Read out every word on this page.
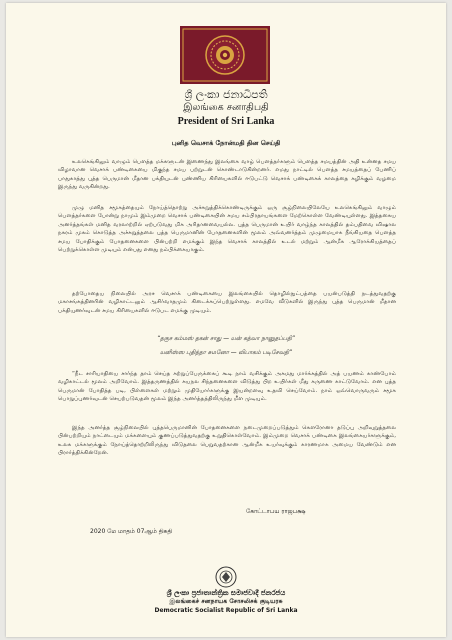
ශ්‍රී ලංකා ජනාධිපති
இலங்கை சனாதிபதி
President of Sri Lanka
புனித வெசாக் நோன்மதி தின செய்தி
உலகெங்கிலும் வாழும் பௌத்த மக்களுடன் இணைந்து இலங்கை வாழ் பௌத்தர்களும் பௌத்த சமயத்தின் அதி உன்னத சமய விழாவான வெசாக் பண்டிகையை மிகுந்த சமய பற்றுடன் கொண்டாடுகின்றனர். எமது நாட்டில் பௌத்த சமயத்தைப் பேணிப் பாதுகாத்து புத்த பெருமான் மீதான பக்தியுடன் புண்ணிய கிரியைகளில் ஈடுபட்டு வெசாக் பண்டிகைக் காலத்தை கழிக்கும் வழமை இருந்து வருகின்றது.
முழு மனித சமூகத்தையும் நோய்த்தொற்று அச்சுறுத்திக்கொண்டிருக்கும் ஒரு சூழ்நிலையிலேயே உலகெங்கிலும் வாழும் பௌத்தர்களை போன்று நாமும் இம்முறை வெசாக் பண்டிகையின் சமய சம்பிரதாயங்களை மேற்கொள்ள வேண்டியுள்ளது. இத்தகைய அனர்த்தங்கள் மனித வரலாற்றில் ஏற்படுவது மிக அரிதானவையல்ல. புத்த பெருமான் உயிர் வாழ்ந்த காலத்தில் தம்பதிவை விஷால நகரம் முகம் கொடுத்த அச்சுறுத்தலை புத்த பெருமானின் போதனைகளின் மூலம் அவ்வனர்த்தம் முழுமையாக நீங்கியதை பௌத்த சமய போதிக்கும் போதனைகளை பின்பற்றி எமக்கும் இந்த வெசாக் காலத்தில் உடல் மற்றும் ஆன்மீக ஆரோக்கியத்தைப் பெற்றுக்கொள்ள முடியும் என்பது எனது நம்பிக்கையாகும்.
தற்போதைய நிலையில் அரச வெசாக் பண்டிகையை இலங்கையில் தொழில்நுட்பத்தை பயன்படுத்தி நடத்துவதற்கு மகாசங்கத்தினரின் வழிகாட்டலும் ஆசிர்வாதமும் கிடைக்கப்பெற்றுள்ளது. எமவே வீடுகளில் இருந்து புத்த பெருமான் மீதான பக்தியுணர்வுடன் சமய கிரியைகளில் ஈடுபட எமக்கு முடியும்.
“தகுச கம்மஸ் தகன் சாது — யன் கத்வா நானுதப்பதி”
யனிஸ்ஸ புதித்தா சுமனோ — விபாகம் படிசேவதி”
“நீட சாரியாதியை சார்ந்த தாம் செய்த சுற்றுப்பேருக்கைப் கூடி நாம் வசிக்கும் அகமது மார்க்கத்தில் அத் பயணம் காண்போம் வழிகாட்டல் மூலம் அறிவோம். இத்தருணத்தில் சுயநல சிந்தனைகளை விடுத்து பிற உயிர்கள் மீது கருணை காட்டுவோம். என புத்த பெருமான் போதித்த படி, பிள்ளைகள் மற்றும் முதியோர்களுக்கு இயன்றளவு உதவி செய்வோம். நாம் ஒவ்வொருவரும் சமூக பொறுப்புணர்வுடன் செயற்படுவதன் மூலம் இந்த அனர்த்தத்திலிருந்து மீள முடியும்.
இந்த அனர்த்த சூழ்நிலையில் புத்தபெருமானின் போதனைகளை நடைமுறைப்படுத்தும் கௌரோனா தடுப்பு அறிவுறுத்தலை பின்பற்றியும் நாட்டையும் மக்களையும் குணப்படுத்துவதற்கு உறுதிகொள்வோம். இம்முறை வெசாக் பண்டிகை இலங்கையர்களுக்கும், உலக மக்களுக்கும் நோய்த்தொற்றிலிருந்து விடுதலை பெறுவதற்கான ஆன்மீக உயர்வுக்கும் காரணமாக அமைய வேண்டும் என பிரார்த்திக்கின்றேன்.
கோட்டாபய ராஜபக்ஷ
2020 மே மாதம் 07ஆம் திகதி
ශ්‍රී ලංකා ප්‍රජාතාන්ත්‍රික සමාජවාදී ජනරජය
இலங்கைச் சனநாயக சோசலிசக் குடியரசு
Democratic Socialist Republic of Sri Lanka
